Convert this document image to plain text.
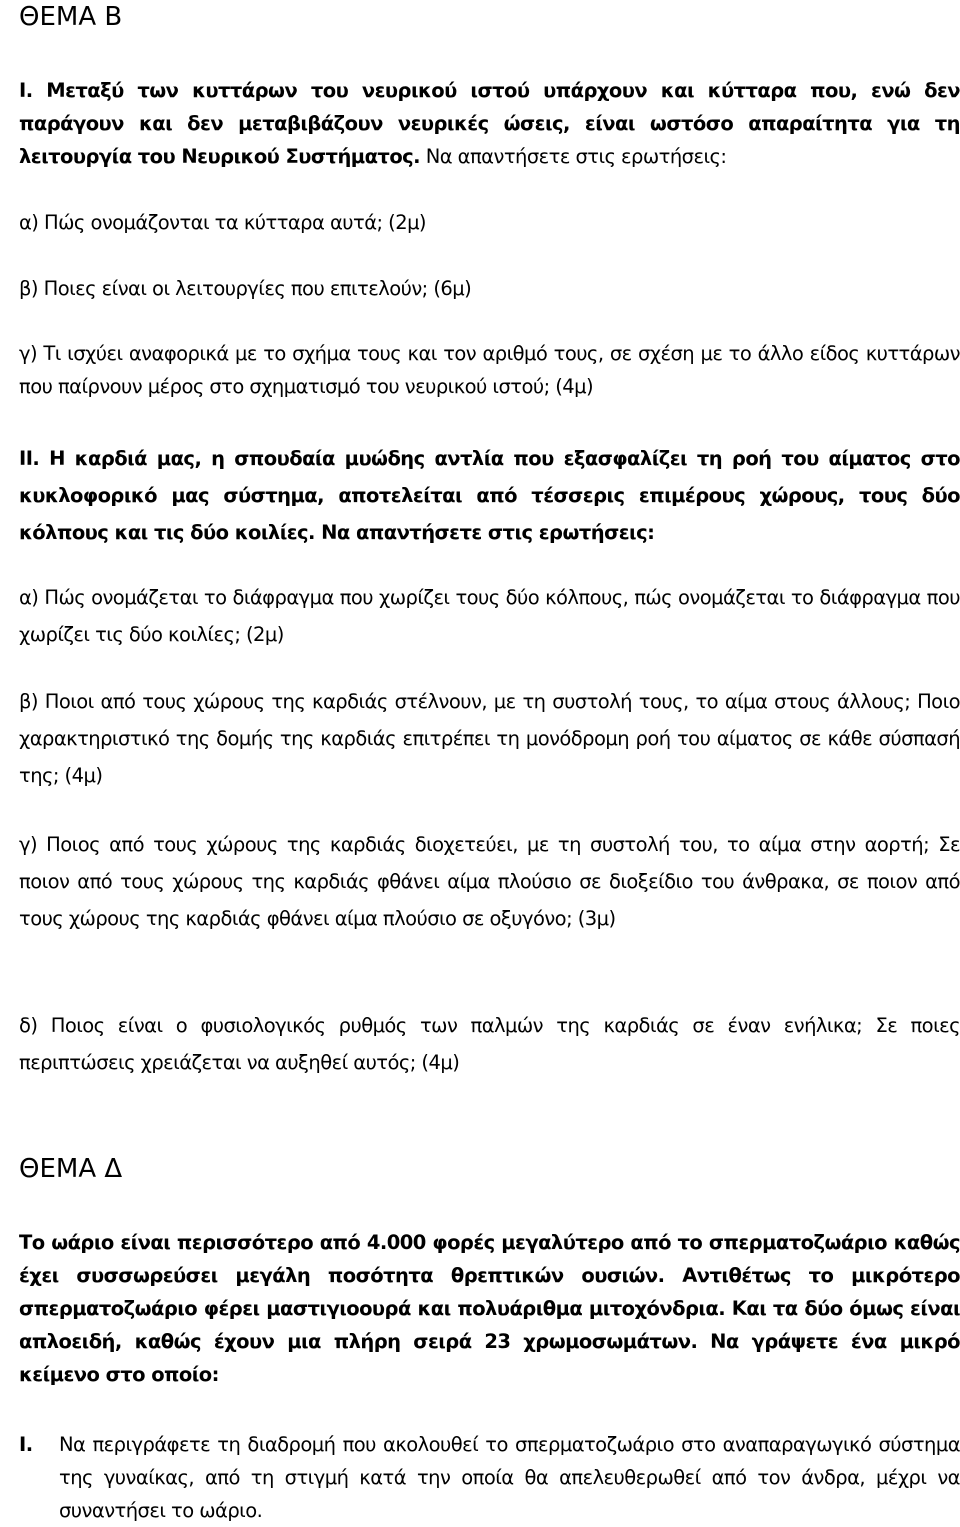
ΘΕΜΑ Β

Ι. Μεταξύ των κυττάρων του νευρικού ιστού υπάρχουν και κύτταρα που, ενώ δεν παράγουν και δεν μεταβιβάζουν νευρικές ώσεις, είναι ωστόσο απαραίτητα για τη λειτουργία του Νευρικού Συστήματος. Να απαντήσετε στις ερωτήσεις:

α) Πώς ονομάζονται τα κύτταρα αυτά; (2μ)

β) Ποιες είναι οι λειτουργίες που επιτελούν; (6μ)

γ) Τι ισχύει αναφορικά με το σχήμα τους και τον αριθμό τους, σε σχέση με το άλλο είδος κυττάρων που παίρνουν μέρος στο σχηματισμό του νευρικού ιστού; (4μ)

ΙΙ. Η καρδιά μας, η σπουδαία μυώδης αντλία που εξασφαλίζει τη ροή του αίματος στο κυκλοφορικό μας σύστημα, αποτελείται από τέσσερις επιμέρους χώρους, τους δύο κόλπους και τις δύο κοιλίες. Να απαντήσετε στις ερωτήσεις:

α) Πώς ονομάζεται το διάφραγμα που χωρίζει τους δύο κόλπους, πώς ονομάζεται το διάφραγμα που χωρίζει τις δύο κοιλίες; (2μ)

β) Ποιοι από τους χώρους της καρδιάς στέλνουν, με τη συστολή τους, το αίμα στους άλλους; Ποιο χαρακτηριστικό της δομής της καρδιάς επιτρέπει τη μονόδρομη ροή του αίματος σε κάθε σύσπασή της; (4μ)

γ) Ποιος από τους χώρους της καρδιάς διοχετεύει, με τη συστολή του, το αίμα στην αορτή; Σε ποιον από τους χώρους της καρδιάς φθάνει αίμα πλούσιο σε διοξείδιο του άνθρακα, σε ποιον από τους χώρους της καρδιάς φθάνει αίμα πλούσιο σε οξυγόνο; (3μ)

δ) Ποιος είναι ο φυσιολογικός ρυθμός των παλμών της καρδιάς σε έναν ενήλικα; Σε ποιες περιπτώσεις χρειάζεται να αυξηθεί αυτός; (4μ)

ΘΕΜΑ Δ

Το ωάριο είναι περισσότερο από 4.000 φορές μεγαλύτερο από το σπερματοζωάριο καθώς έχει συσσωρεύσει μεγάλη ποσότητα θρεπτικών ουσιών. Αντιθέτως το μικρότερο σπερματοζωάριο φέρει μαστιγιοουρά και πολυάριθμα μιτοχόνδρια. Και τα δύο όμως είναι απλοειδή, καθώς έχουν μια πλήρη σειρά 23 χρωμοσωμάτων. Να γράψετε ένα μικρό κείμενο στο οποίο:

I. Να περιγράφετε τη διαδρομή που ακολουθεί το σπερματοζωάριο στο αναπαραγωγικό σύστημα της γυναίκας, από τη στιγμή κατά την οποία θα απελευθερωθεί από τον άνδρα, μέχρι να συναντήσει το ωάριο.
